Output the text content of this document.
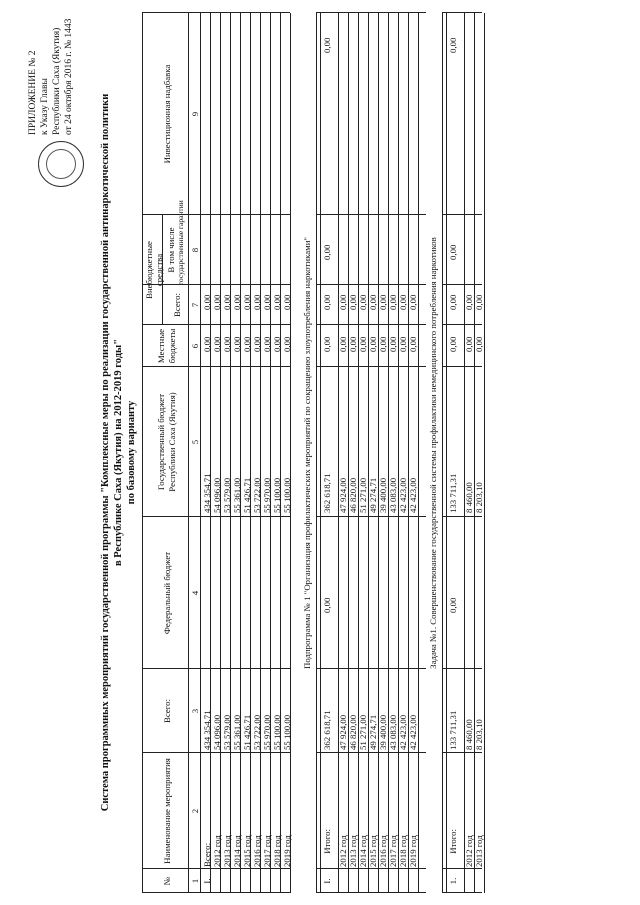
ПРИЛОЖЕНИЕ № 2 к Указу Главы Республики Саха (Якутия) от 24 октября 2016 г. № 1443
Система программных мероприятий государственной программы "Комплексные меры по реализации государственной антинаркотической политики в Республике Саха (Якутия) на 2012-2019 годы" по базовому варианту
№
Наименование мероприятия
Всего:
Федеральный бюджет
Государственный бюджет Республики Саха (Якутия)
Местные бюджеты
Внебюджетные средства
Всего:
В том числе государственные гарантии
Инвестиционная надбавка
1
2
3
4
5
6
7
8
9
I.
Всего:
434 354,71
434 354,71
0,00
0,00
2012 год
54 096,00
54 096,00
0,00
0,00
2013 год
53 579,00
53 579,00
0,00
0,00
2014 год
55 361,00
55 361,00
0,00
0,00
2015 год
51 426,71
51 426,71
0,00
0,00
2016 год
53 722,00
53 722,00
0,00
0,00
2017 год
55 970,00
55 970,00
0,00
0,00
2018 год
55 100,00
55 100,00
0,00
0,00
2019 год
55 100,00
55 100,00
0,00
0,00 Подпрограмма № 1 "Организация профилактических мероприятий по сокращению злоупотребления наркотиками"
I.
Итого:
362 618,71
0,00
362 618,71
0,00
0,00
0,00
0,00
2012 год
47 924,00
47 924,00
0,00
0,00
2013 год
46 820,00
46 820,00
0,00
0,00
2014 год
51 271,00
51 271,00
0,00
0,00
2015 год
49 274,71
49 274,71
0,00
0,00
2016 год
39 400,00
39 400,00
0,00
0,00
2017 год
43 083,00
43 083,00
0,00
0,00
2018 год
42 423,00
42 423,00
0,00
0,00
2019 год
42 423,00
42 423,00
0,00
0,00 Задача №1. Совершенствование государственной системы профилактики немедицинского потребления наркотиков
1.
Итого:
133 711,31
0,00
133 711,31
0,00
0,00
0,00
0,00
2012 год
8 460,00
8 460,00
0,00
0,00
2013 год
8 203,10
8 203,10
0,00
0,00
